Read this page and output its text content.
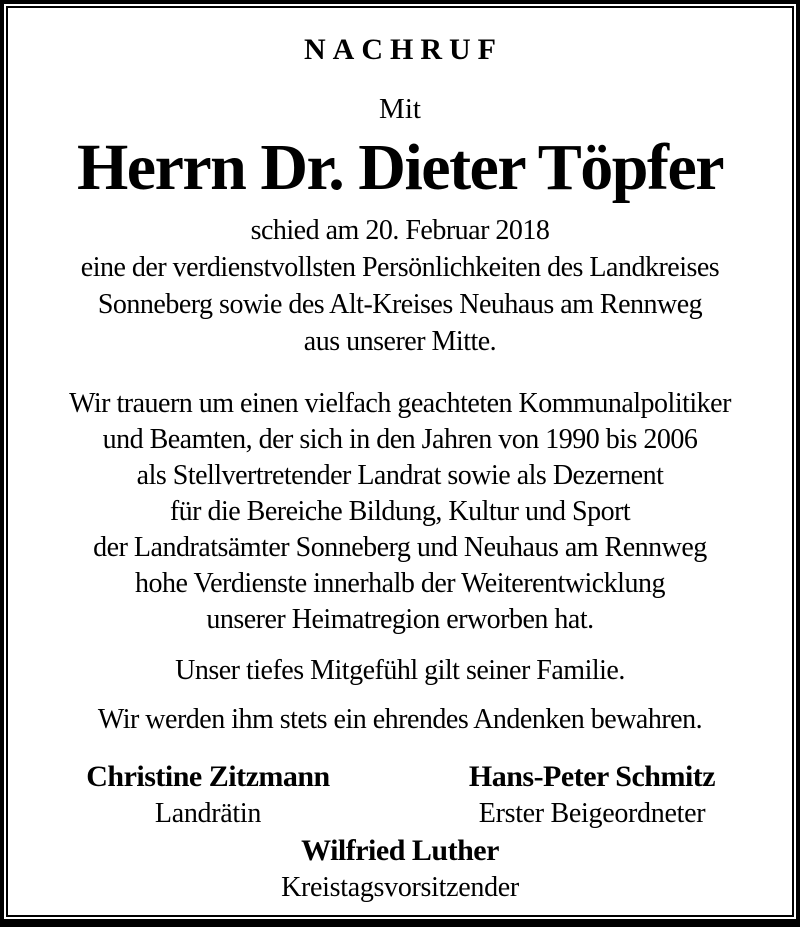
NACHRUF
Mit
Herrn Dr. Dieter Töpfer
schied am 20. Februar 2018
eine der verdienstvollsten Persönlichkeiten des Landkreises
Sonneberg sowie des Alt-Kreises Neuhaus am Rennweg
aus unserer Mitte.
Wir trauern um einen vielfach geachteten Kommunalpolitiker
und Beamten, der sich in den Jahren von 1990 bis 2006
als Stellvertretender Landrat sowie als Dezernent
für die Bereiche Bildung, Kultur und Sport
der Landratsämter Sonneberg und Neuhaus am Rennweg
hohe Verdienste innerhalb der Weiterentwicklung
unserer Heimatregion erworben hat.
Unser tiefes Mitgefühl gilt seiner Familie.
Wir werden ihm stets ein ehrendes Andenken bewahren.
Christine Zitzmann
Landrätin
Hans-Peter Schmitz
Erster Beigeordneter
Wilfried Luther
Kreistagsvorsitzender
